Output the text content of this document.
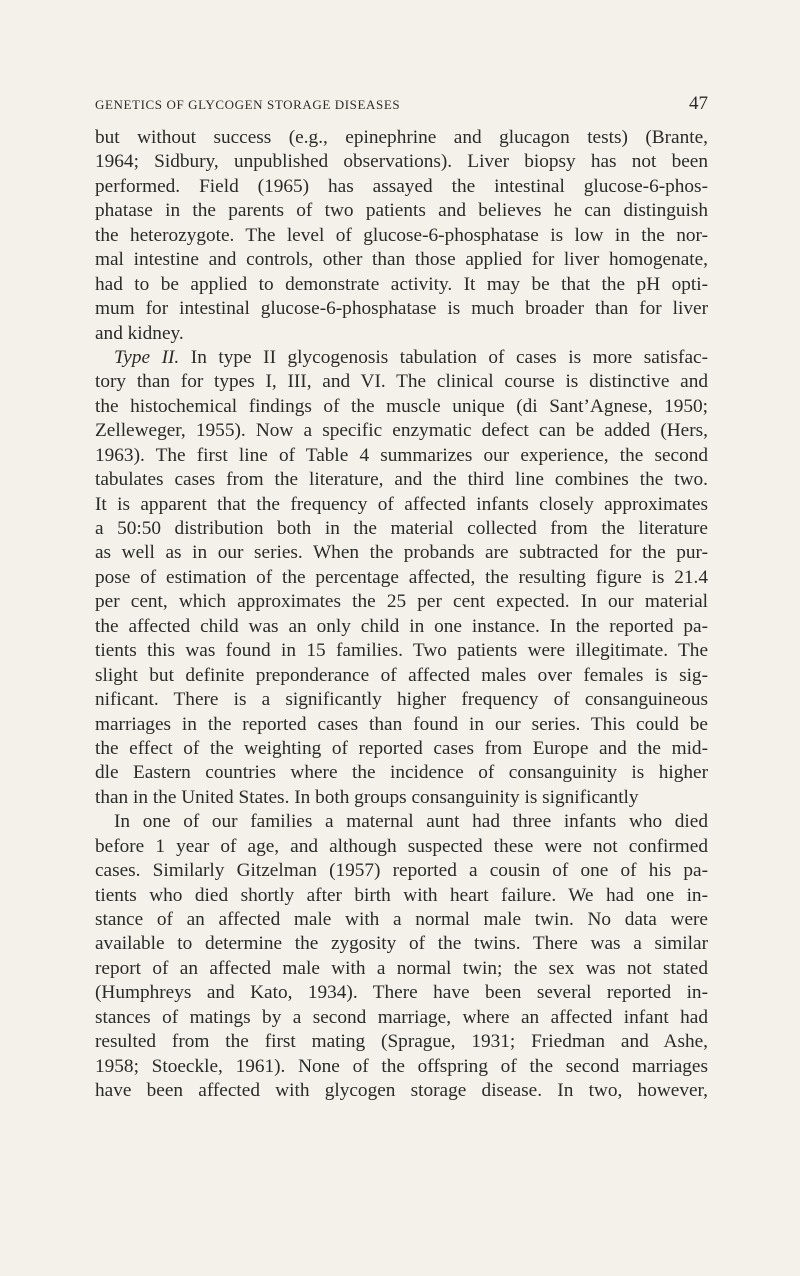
GENETICS OF GLYCOGEN STORAGE DISEASES	47
but without success (e.g., epinephrine and glucagon tests) (Brante,
1964; Sidbury, unpublished observations). Liver biopsy has not been
performed. Field (1965) has assayed the intestinal glucose-6-phos-
phatase in the parents of two patients and believes he can distinguish
the heterozygote. The level of glucose-6-phosphatase is low in the nor-
mal intestine and controls, other than those applied for liver homogenate,
had to be applied to demonstrate activity. It may be that the pH opti-
mum for intestinal glucose-6-phosphatase is much broader than for liver
and kidney.
Type II. In type II glycogenosis tabulation of cases is more satisfac-
tory than for types I, III, and VI. The clinical course is distinctive and
the histochemical findings of the muscle unique (di Sant’Agnese, 1950;
Zelleweger, 1955). Now a specific enzymatic defect can be added (Hers,
1963). The first line of Table 4 summarizes our experience, the second
tabulates cases from the literature, and the third line combines the two.
It is apparent that the frequency of affected infants closely approximates
a 50:50 distribution both in the material collected from the literature
as well as in our series. When the probands are subtracted for the pur-
pose of estimation of the percentage affected, the resulting figure is 21.4
per cent, which approximates the 25 per cent expected. In our material
the affected child was an only child in one instance. In the reported pa-
tients this was found in 15 families. Two patients were illegitimate. The
slight but definite preponderance of affected males over females is sig-
nificant. There is a significantly higher frequency of consanguineous
marriages in the reported cases than found in our series. This could be
the effect of the weighting of reported cases from Europe and the mid-
dle Eastern countries where the incidence of consanguinity is higher
than in the United States. In both groups consanguinity is significantly
In one of our families a maternal aunt had three infants who died
before 1 year of age, and although suspected these were not confirmed
cases. Similarly Gitzelman (1957) reported a cousin of one of his pa-
tients who died shortly after birth with heart failure. We had one in-
stance of an affected male with a normal male twin. No data were
available to determine the zygosity of the twins. There was a similar
report of an affected male with a normal twin; the sex was not stated
(Humphreys and Kato, 1934). There have been several reported in-
stances of matings by a second marriage, where an affected infant had
resulted from the first mating (Sprague, 1931; Friedman and Ashe,
1958; Stoeckle, 1961). None of the offspring of the second marriages
have been affected with glycogen storage disease. In two, however,
